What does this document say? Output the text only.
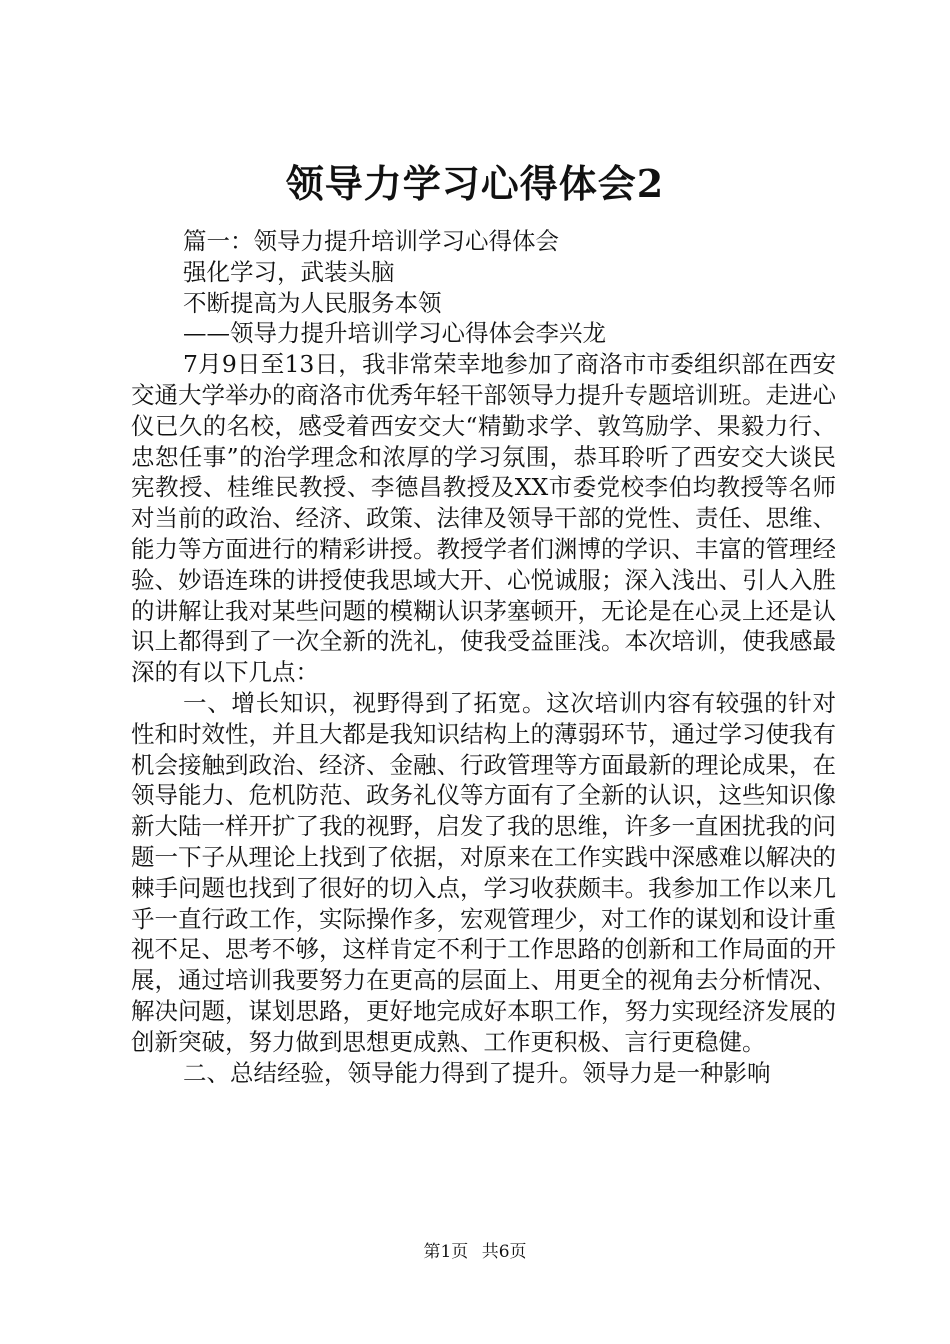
领导力学习心得体会2

篇一：领导力提升培训学习心得体会

强化学习，武装头脑

不断提高为人民服务本领

——领导力提升培训学习心得体会李兴龙

7月9日至13日，我非常荣幸地参加了商洛市市委组织部在西安交通大学举办的商洛市优秀年轻干部领导力提升专题培训班。走进心仪已久的名校，感受着西安交大“精勤求学、敦笃励学、果毅力行、忠恕任事”的治学理念和浓厚的学习氛围，恭耳聆听了西安交大谈民宪教授、桂维民教授、李德昌教授及XX市委党校李伯均教授等名师对当前的政治、经济、政策、法律及领导干部的党性、责任、思维、能力等方面进行的精彩讲授。教授学者们渊博的学识、丰富的管理经验、妙语连珠的讲授使我思域大开、心悦诚服；深入浅出、引人入胜的讲解让我对某些问题的模糊认识茅塞顿开，无论是在心灵上还是认识上都得到了一次全新的洗礼，使我受益匪浅。本次培训，使我感最深的有以下几点：

一、增长知识，视野得到了拓宽。这次培训内容有较强的针对性和时效性，并且大都是我知识结构上的薄弱环节，通过学习使我有机会接触到政治、经济、金融、行政管理等方面最新的理论成果，在领导能力、危机防范、政务礼仪等方面有了全新的认识，这些知识像新大陆一样开扩了我的视野，启发了我的思维，许多一直困扰我的问题一下子从理论上找到了依据，对原来在工作实践中深感难以解决的棘手问题也找到了很好的切入点，学习收获颇丰。我参加工作以来几乎一直行政工作，实际操作多，宏观管理少，对工作的谋划和设计重视不足、思考不够，这样肯定不利于工作思路的创新和工作局面的开展，通过培训我要努力在更高的层面上、用更全的视角去分析情况、解决问题，谋划思路，更好地完成好本职工作，努力实现经济发展的创新突破，努力做到思想更成熟、工作更积极、言行更稳健。

二、总结经验，领导能力得到了提升。领导力是一种影响

第1页 共6页
